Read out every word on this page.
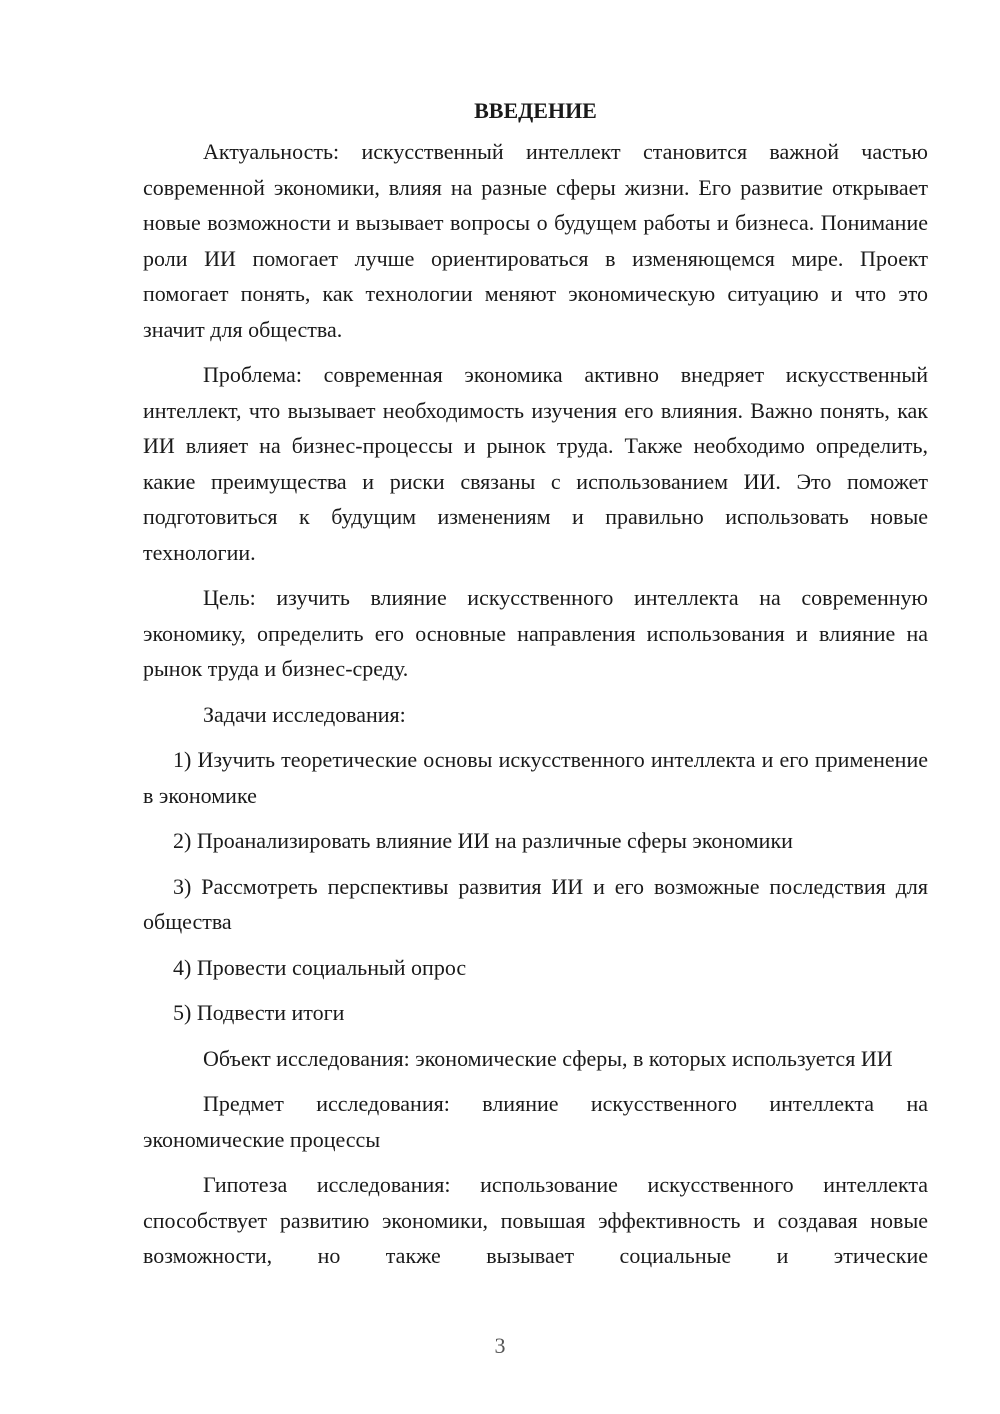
ВВЕДЕНИЕ

Актуальность: искусственный интеллект становится важной частью современной экономики, влияя на разные сферы жизни. Его развитие открывает новые возможности и вызывает вопросы о будущем работы и бизнеса. Понимание роли ИИ помогает лучше ориентироваться в изменяющемся мире. Проект помогает понять, как технологии меняют экономическую ситуацию и что это значит для общества.

Проблема: современная экономика активно внедряет искусственный интеллект, что вызывает необходимость изучения его влияния. Важно понять, как ИИ влияет на бизнес-процессы и рынок труда. Также необходимо определить, какие преимущества и риски связаны с использованием ИИ. Это поможет подготовиться к будущим изменениям и правильно использовать новые технологии.

Цель: изучить влияние искусственного интеллекта на современную экономику, определить его основные направления использования и влияние на рынок труда и бизнес-среду.

Задачи исследования:

1) Изучить теоретические основы искусственного интеллекта и его применение в экономике

2) Проанализировать влияние ИИ на различные сферы экономики

3) Рассмотреть перспективы развития ИИ и его возможные последствия для общества

4) Провести социальный опрос

5) Подвести итоги

Объект исследования: экономические сферы, в которых используется ИИ

Предмет исследования: влияние искусственного интеллекта на экономические процессы

Гипотеза исследования: использование искусственного интеллекта способствует развитию экономики, повышая эффективность и создавая новые возможности, но также вызывает социальные и этические

3
